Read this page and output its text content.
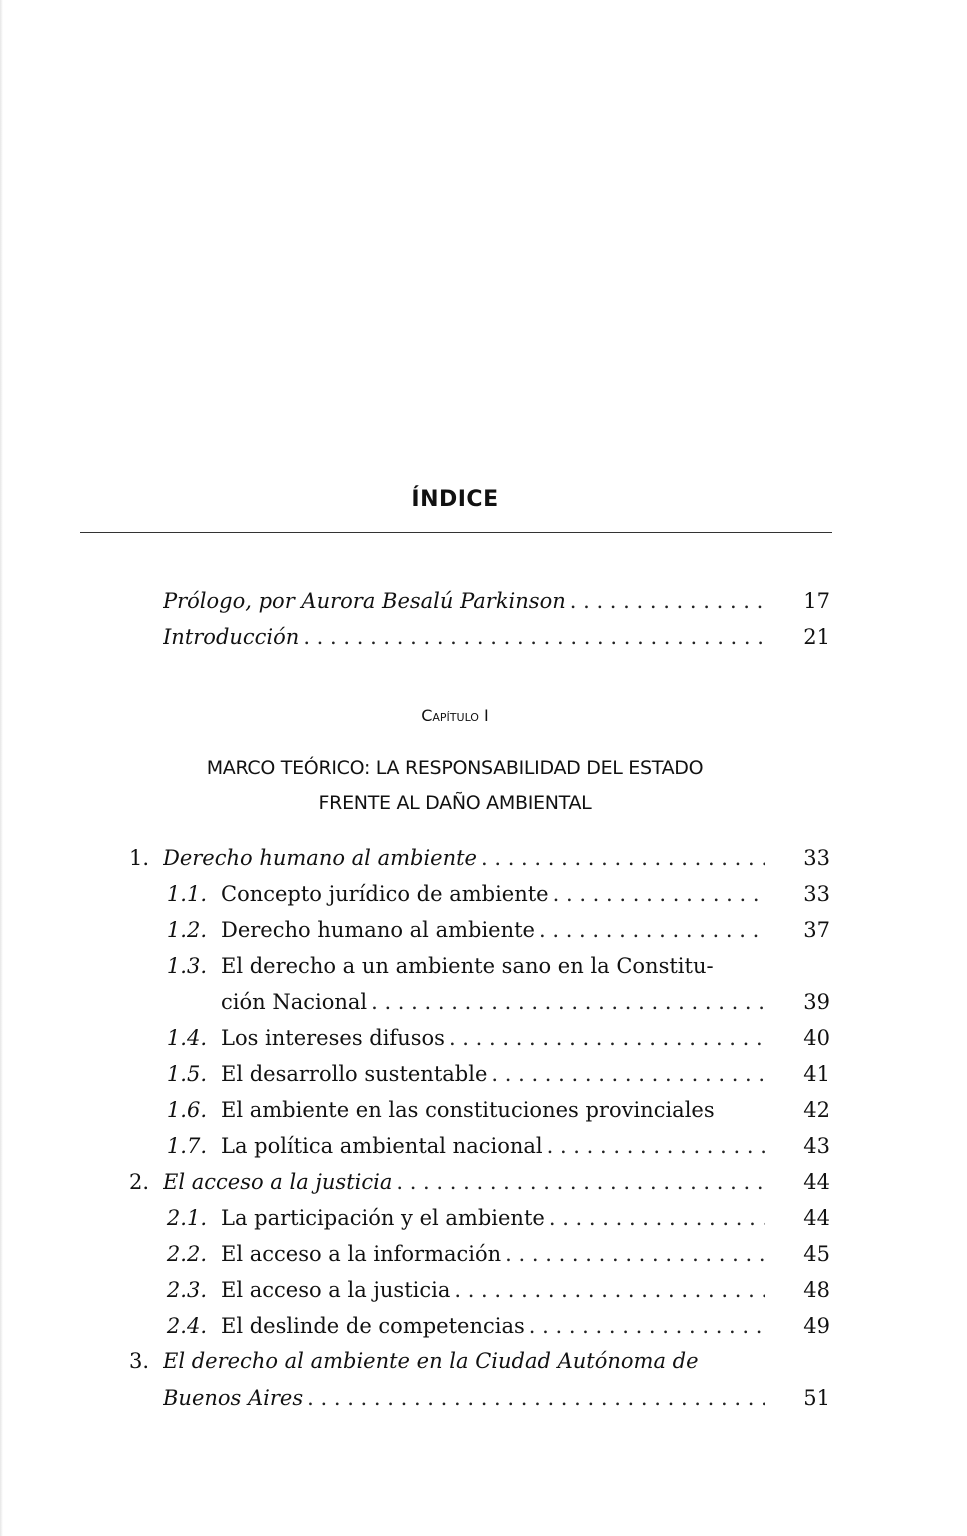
ÍNDICE
Prólogo, por Aurora Besalú Parkinson . . .	17
Introducción . . .	21
Capítulo I
MARCO TEÓRICO: LA RESPONSABILIDAD DEL ESTADO
FRENTE AL DAÑO AMBIENTAL
1. Derecho humano al ambiente . . .	33
1.1. Concepto jurídico de ambiente . . .	33
1.2. Derecho humano al ambiente . . .	37
1.3. El derecho a un ambiente sano en la Constitu-
ción Nacional . . .	39
1.4. Los intereses difusos . . .	40
1.5. El desarrollo sustentable . . .	41
1.6. El ambiente en las constituciones provinciales	42
1.7. La política ambiental nacional . . .	43
2. El acceso a la justicia . . .	44
2.1. La participación y el ambiente . . .	44
2.2. El acceso a la información . . .	45
2.3. El acceso a la justicia . . .	48
2.4. El deslinde de competencias . . .	49
3. El derecho al ambiente en la Ciudad Autónoma de
Buenos Aires . . .	51
